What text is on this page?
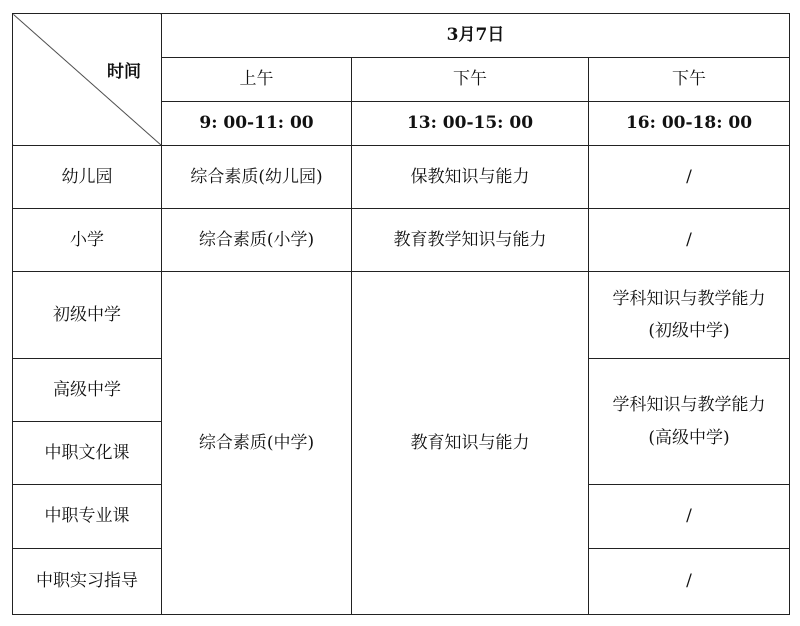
时间	3月7日		
	上午	下午	下午
	9: 00-11: 00	13: 00-15: 00	16: 00-18: 00
幼儿园	综合素质(幼儿园)	保教知识与能力	/
小学	综合素质(小学)	教育教学知识与能力	/
初级中学	综合素质(中学)	教育知识与能力	学科知识与教学能力
(初级中学)

高级中学			学科知识与教学能力
(高级中学)

中职文化课			
中职专业课			/
中职实习指导			/
